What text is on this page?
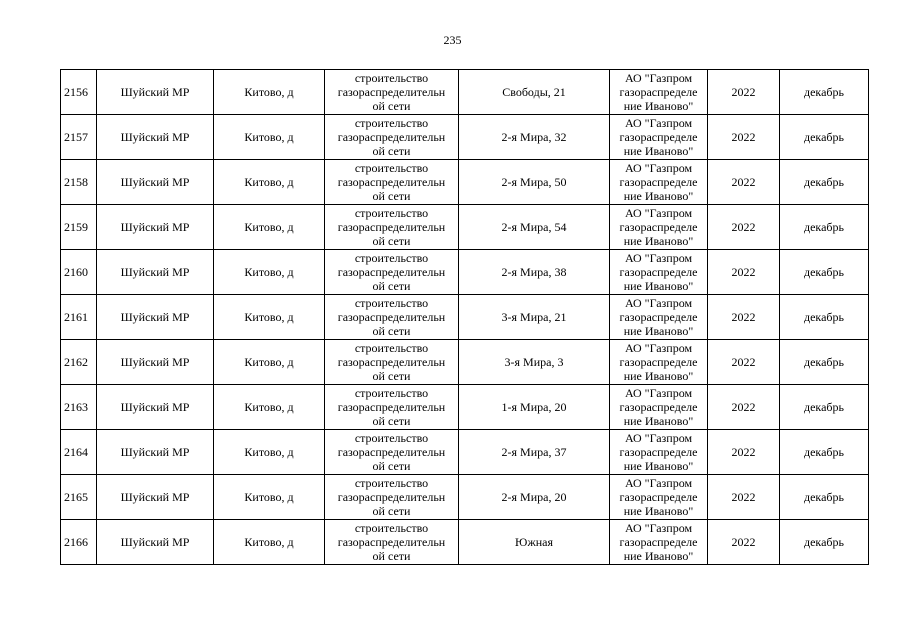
235
2156	Шуйский МР	Китово, д	строительство
газораспределительн
ой сети	Свободы, 21	АО "Газпром
газораспределе
ние Иваново"	2022	декабрь
2157	Шуйский МР	Китово, д	строительство
газораспределительн
ой сети	2-я Мира, 32	АО "Газпром
газораспределе
ние Иваново"	2022	декабрь
2158	Шуйский МР	Китово, д	строительство
газораспределительн
ой сети	2-я Мира, 50	АО "Газпром
газораспределе
ние Иваново"	2022	декабрь
2159	Шуйский МР	Китово, д	строительство
газораспределительн
ой сети	2-я Мира, 54	АО "Газпром
газораспределе
ние Иваново"	2022	декабрь
2160	Шуйский МР	Китово, д	строительство
газораспределительн
ой сети	2-я Мира, 38	АО "Газпром
газораспределе
ние Иваново"	2022	декабрь
2161	Шуйский МР	Китово, д	строительство
газораспределительн
ой сети	3-я Мира, 21	АО "Газпром
газораспределе
ние Иваново"	2022	декабрь
2162	Шуйский МР	Китово, д	строительство
газораспределительн
ой сети	3-я Мира, 3	АО "Газпром
газораспределе
ние Иваново"	2022	декабрь
2163	Шуйский МР	Китово, д	строительство
газораспределительн
ой сети	1-я Мира, 20	АО "Газпром
газораспределе
ние Иваново"	2022	декабрь
2164	Шуйский МР	Китово, д	строительство
газораспределительн
ой сети	2-я Мира, 37	АО "Газпром
газораспределе
ние Иваново"	2022	декабрь
2165	Шуйский МР	Китово, д	строительство
газораспределительн
ой сети	2-я Мира, 20	АО "Газпром
газораспределе
ние Иваново"	2022	декабрь
2166	Шуйский МР	Китово, д	строительство
газораспределительн
ой сети	Южная	АО "Газпром
газораспределе
ние Иваново"	2022	декабрь
